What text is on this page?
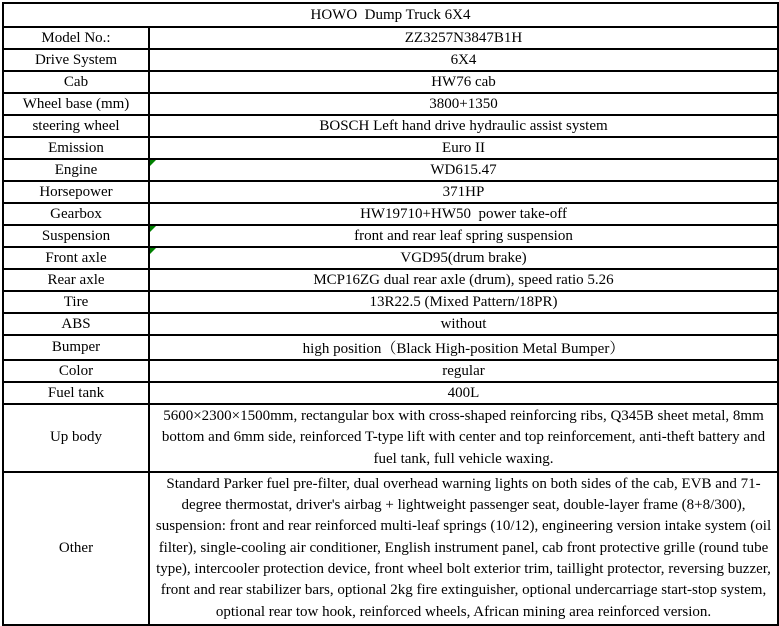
HOWO  Dump Truck 6X4	
Model No.:	ZZ3257N3847B1H
Drive System	6X4
Cab	HW76 cab
Wheel base (mm)	3800+1350
steering wheel	BOSCH Left hand drive hydraulic assist system
Emission	Euro II
Engine	WD615.47

Horsepower	371HP
Gearbox	HW19710+HW50  power take-off
Suspension	front and rear leaf spring suspension

Front axle	VGD95(drum brake)

Rear axle	MCP16ZG dual rear axle (drum), speed ratio 5.26
Tire	13R22.5 (Mixed Pattern/18PR)
ABS	without
Bumper	high position（Black High-position Metal Bumper）
Color	regular
Fuel tank	400L
Up body	5600×2300×1500mm, rectangular box with cross-shaped reinforcing ribs, Q345B sheet metal, 8mm bottom and 6mm side, reinforced T-type lift with center and top reinforcement, anti-theft battery and fuel tank, full vehicle waxing.
Other	Standard Parker fuel pre-filter, dual overhead warning lights on both sides of the cab, EVB and 71-degree thermostat, driver's airbag + lightweight passenger seat, double-layer frame (8+8/300), suspension: front and rear reinforced multi-leaf springs (10/12), engineering version intake system (oil filter), single-cooling air conditioner, English instrument panel, cab front protective grille (round tube type), intercooler protection device, front wheel bolt exterior trim, taillight protector, reversing buzzer, front and rear stabilizer bars, optional 2kg fire extinguisher, optional undercarriage start-stop system, optional rear tow hook, reinforced wheels, African mining area reinforced version.
